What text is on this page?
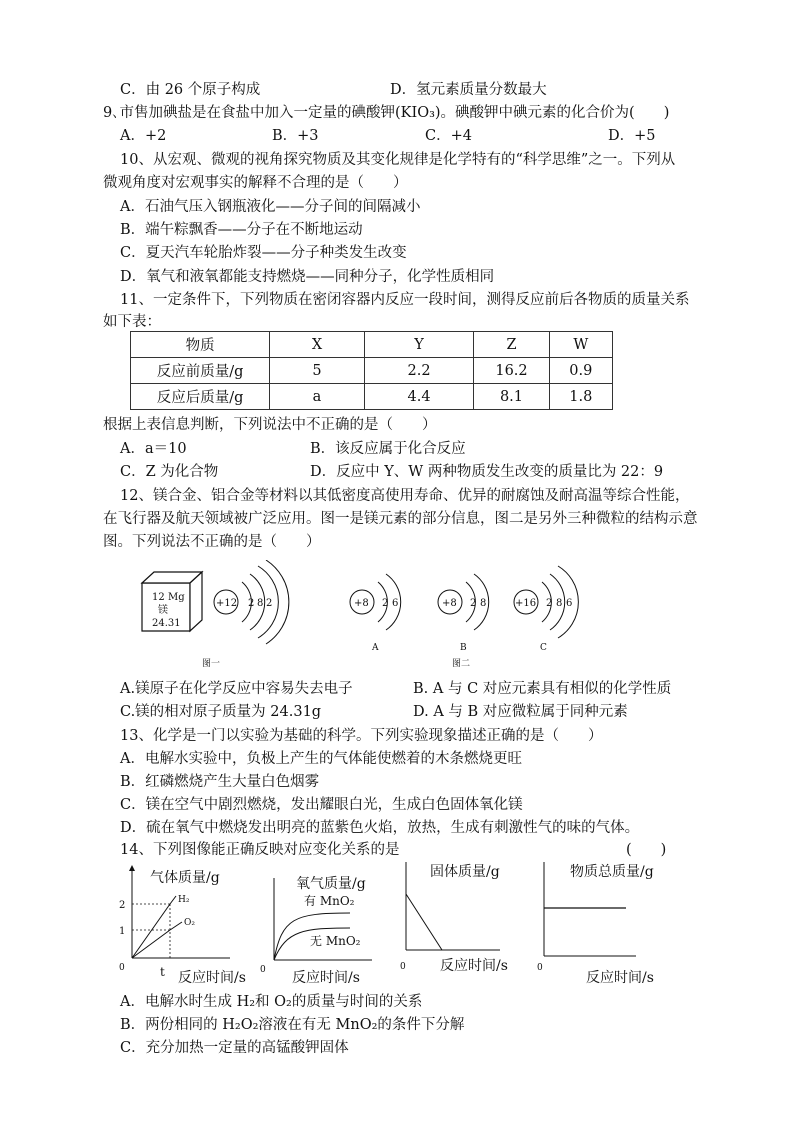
C．由 26 个原子构成	D．氢元素质量分数最大
9､市售加碘盐是在食盐中加入一定量的碘酸钾(KIO₃)。碘酸钾中碘元素的化合价为(　　)
A．+2	B．+3	C．+4	D．+5
10、从宏观、微观的视角探究物质及其变化规律是化学特有的“科学思维”之一。下列从
微观角度对宏观事实的解释不合理的是（　　）
A．石油气压入钢瓶液化——分子间的间隔减小
B．端午粽飘香——分子在不断地运动
C．夏天汽车轮胎炸裂——分子种类发生改变
D．氧气和液氧都能支持燃烧——同种分子，化学性质相同
11、一定条件下，下列物质在密闭容器内反应一段时间，测得反应前后各物质的质量关系
如下表：
物质	X	Y	Z	W
反应前质量/g	5	2.2	16.2	0.9
反应后质量/g	a	4.4	8.1	1.8
根据上表信息判断，下列说法中不正确的是（　　）
A．a＝10	B．该反应属于化合反应
C．Z 为化合物	D．反应中 Y、W 两种物质发生改变的质量比为 22：9
12、镁合金、铝合金等材料以其低密度高使用寿命、优异的耐腐蚀及耐高温等综合性能，
在飞行器及航天领域被广泛应用。图一是镁元素的部分信息，图二是另外三种微粒的结构示意
图。下列说法不正确的是（　　）
12 Mg
镁
24.31
+12 2 8 2	+8 2 6
A
+8 2 8
B
+16 2 8 6
C
图一	图二
A.镁原子在化学反应中容易失去电子	B. A 与 C 对应元素具有相似的化学性质
C.镁的相对原子质量为 24.31g	D. A 与 B 对应微粒属于同种元素
13、化学是一门以实验为基础的科学。下列实验现象描述正确的是（　　）
A．电解水实验中，负极上产生的气体能使燃着的木条燃烧更旺
B．红磷燃烧产生大量白色烟雾
C．镁在空气中剧烈燃烧，发出耀眼白光，生成白色固体氧化镁
D．硫在氧气中燃烧发出明亮的蓝紫色火焰，放热，生成有刺激性气的味的气体。
14、下列图像能正确反映对应变化关系的是	(　　)
气体质量/g
2
1
H₂
O₂
0	t 反应时间/s
氧气质量/g
有 MnO₂
无 MnO₂
0 反应时间/s
固体质量/g
0 反应时间/s
物质总质量/g
0
反应时间/s
A．电解水时生成 H₂和 O₂的质量与时间的关系
B．两份相同的 H₂O₂溶液在有无 MnO₂的条件下分解
C．充分加热一定量的高锰酸钾固体
